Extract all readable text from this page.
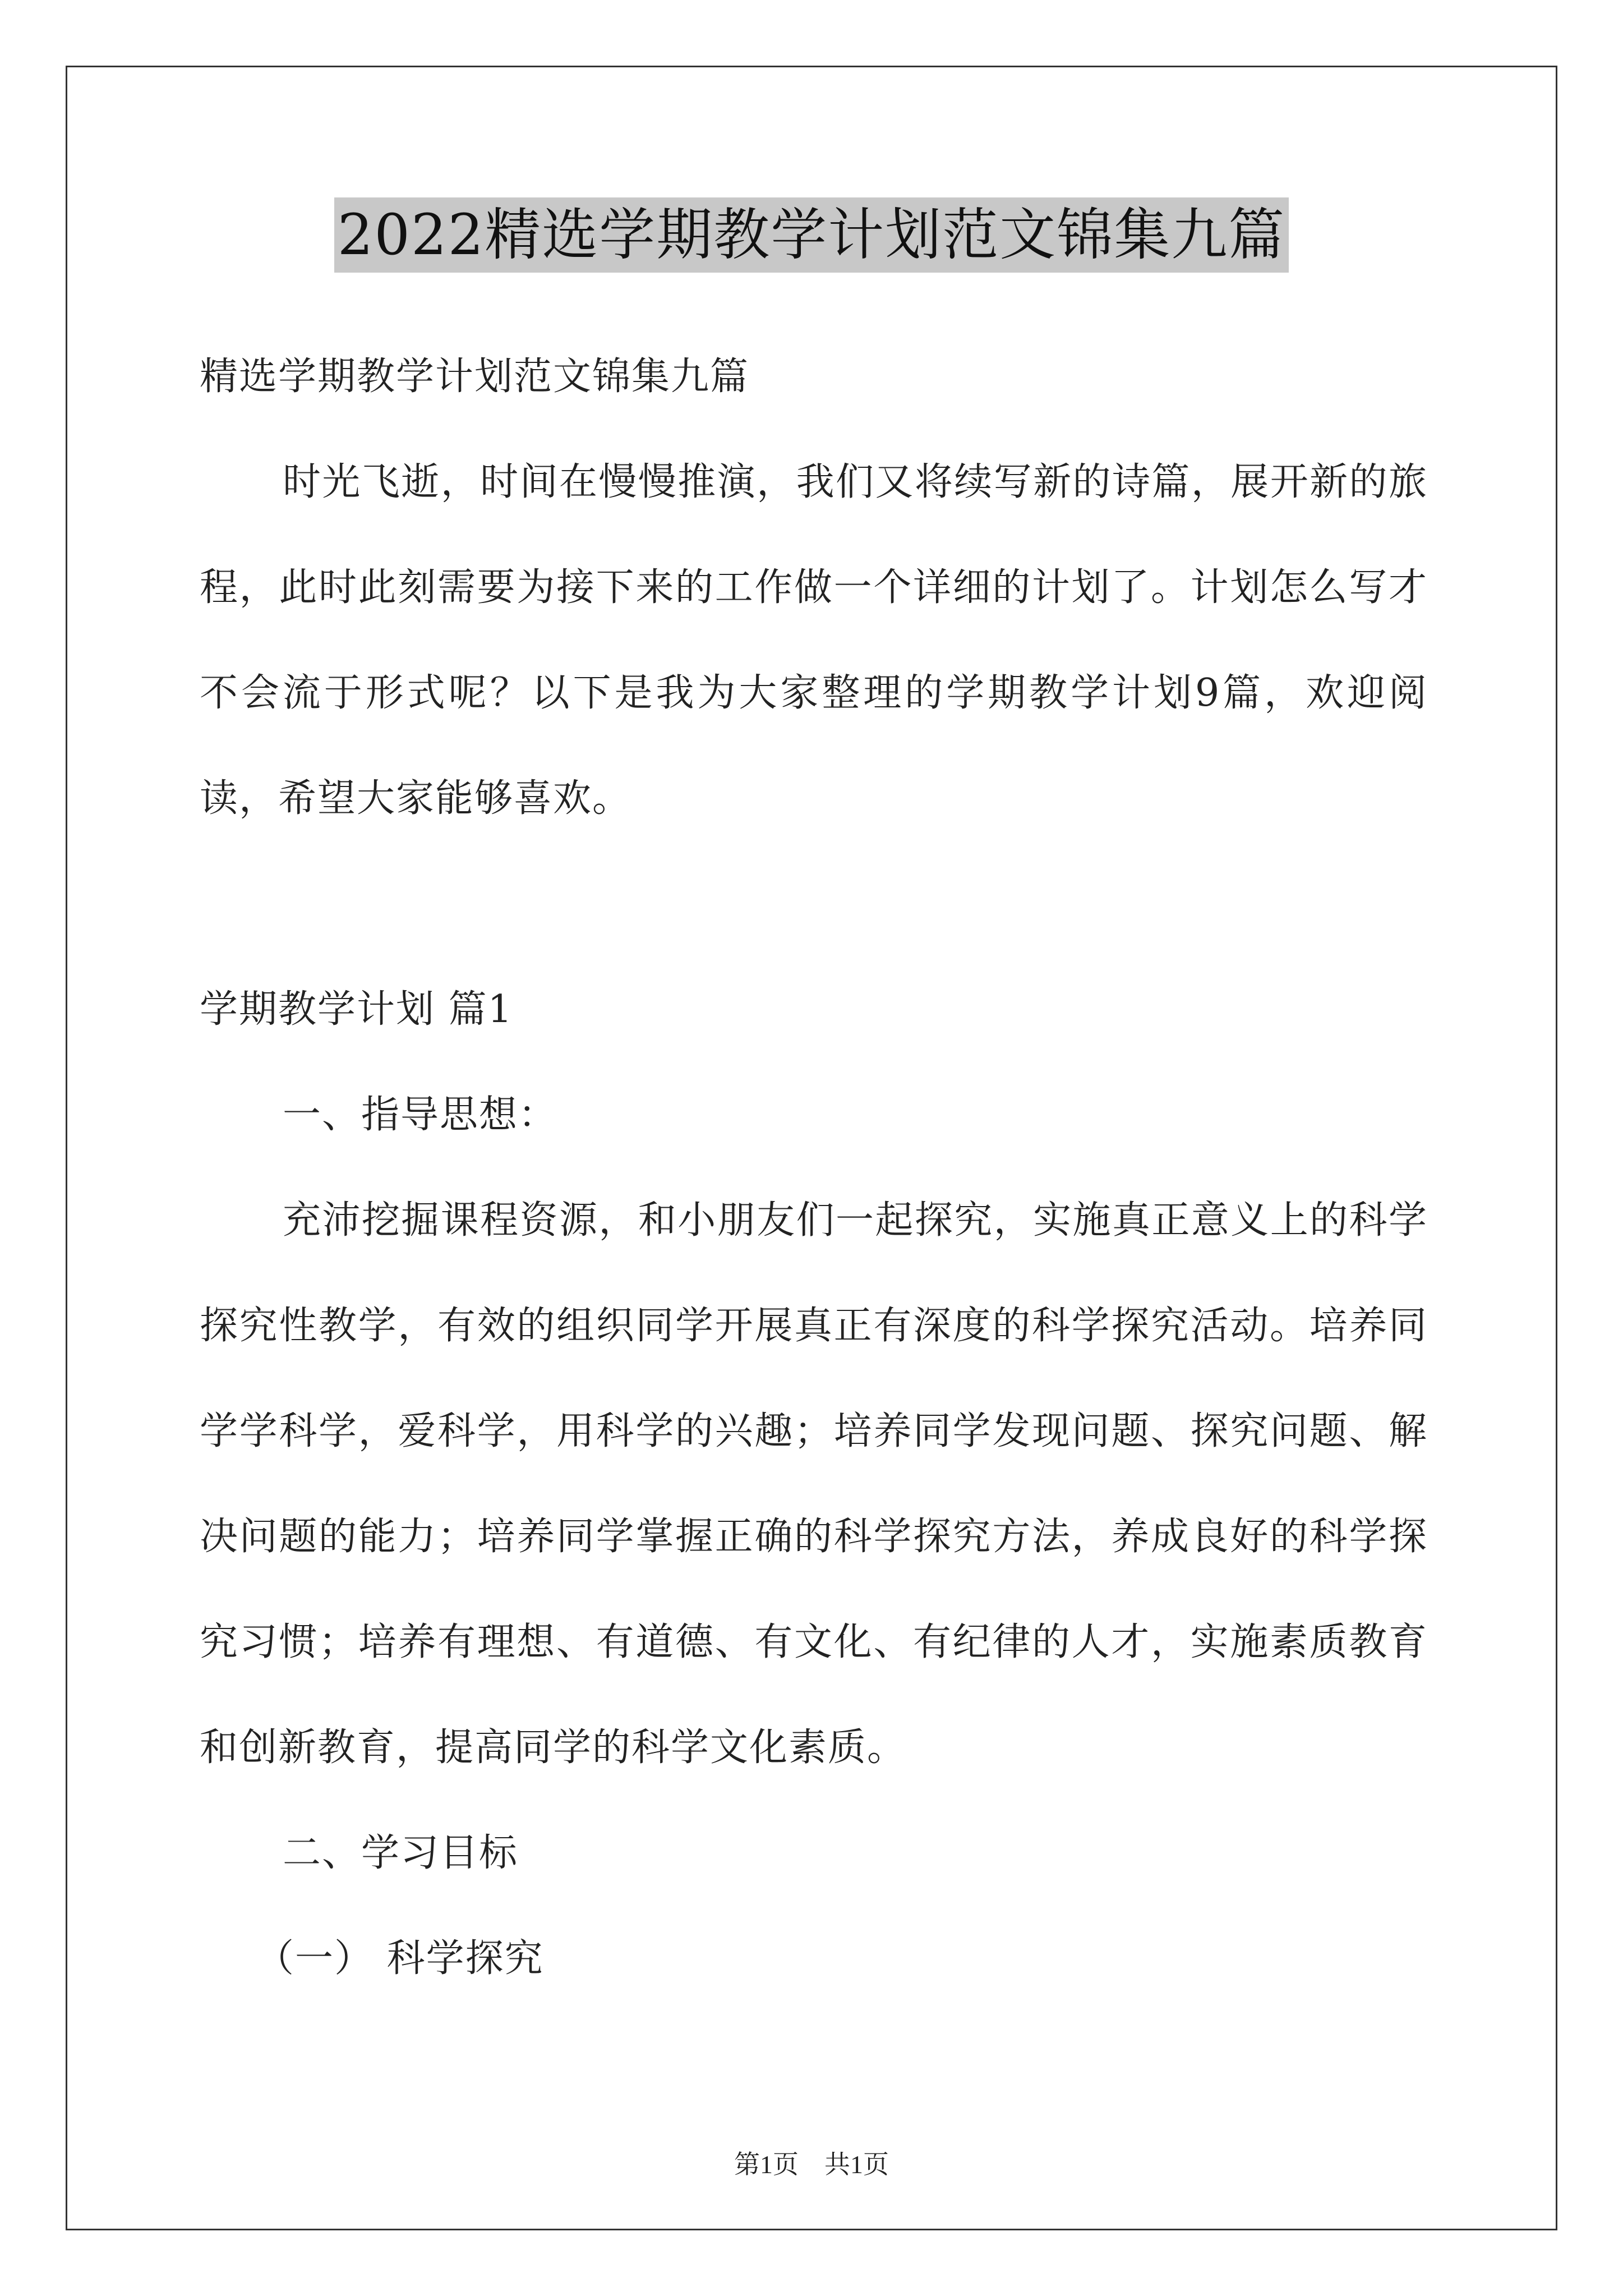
2022精选学期教学计划范文锦集九篇

精选学期教学计划范文锦集九篇

时光飞逝，时间在慢慢推演，我们又将续写新的诗篇，展开新的旅程，此时此刻需要为接下来的工作做一个详细的计划了。计划怎么写才不会流于形式呢？以下是我为大家整理的学期教学计划9篇，欢迎阅读，希望大家能够喜欢。

学期教学计划 篇1

一、指导思想：

充沛挖掘课程资源，和小朋友们一起探究，实施真正意义上的科学探究性教学，有效的组织同学开展真正有深度的科学探究活动。培养同学学科学，爱科学，用科学的兴趣；培养同学发现问题、探究问题、解决问题的能力；培养同学掌握正确的科学探究方法，养成良好的科学探究习惯；培养有理想、有道德、有文化、有纪律的人才，实施素质教育和创新教育，提高同学的科学文化素质。

二、学习目标

（一） 科学探究

第1页 共1页
